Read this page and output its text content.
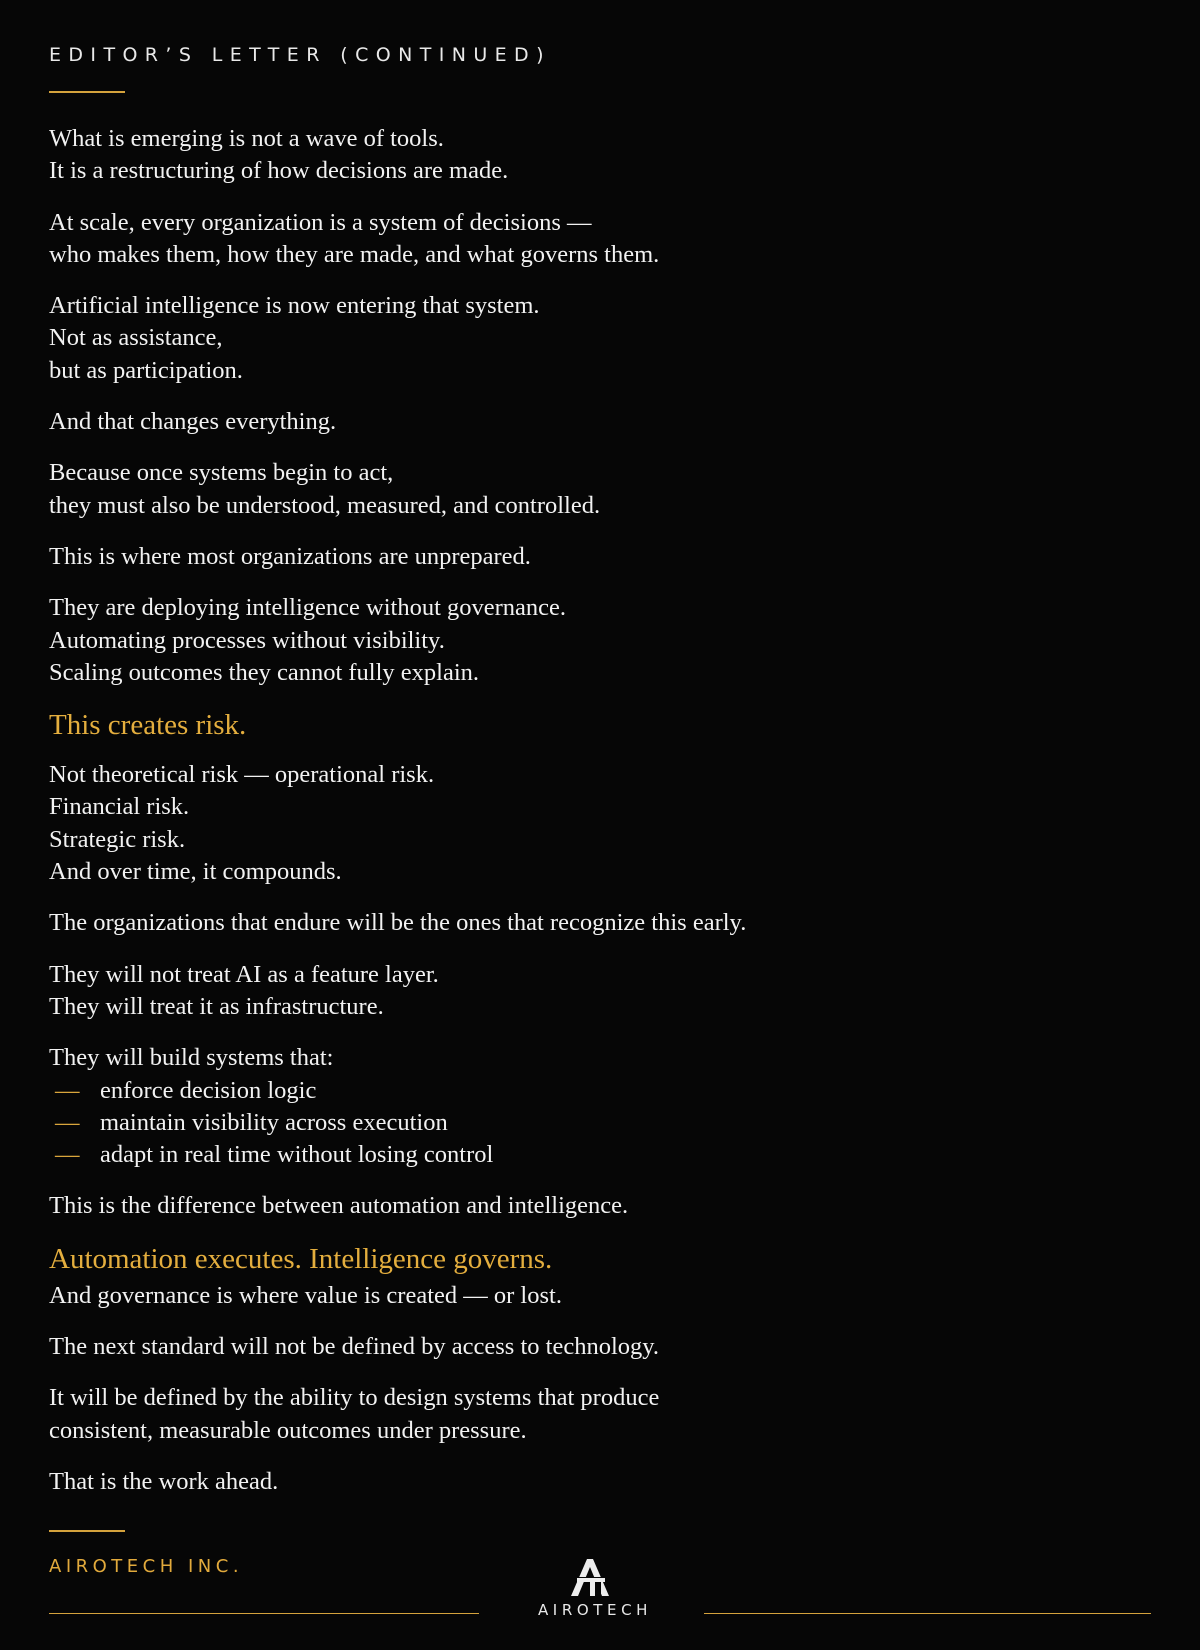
EDITOR’S LETTER (CONTINUED)
What is emerging is not a wave of tools.
It is a restructuring of how decisions are made.
At scale, every organization is a system of decisions —
who makes them, how they are made, and what governs them.
Artificial intelligence is now entering that system.
Not as assistance,
but as participation.
And that changes everything.
Because once systems begin to act,
they must also be understood, measured, and controlled.
This is where most organizations are unprepared.
They are deploying intelligence without governance.
Automating processes without visibility.
Scaling outcomes they cannot fully explain.
This creates risk.
Not theoretical risk — operational risk.
Financial risk.
Strategic risk.
And over time, it compounds.
The organizations that endure will be the ones that recognize this early.
They will not treat AI as a feature layer.
They will treat it as infrastructure.
They will build systems that:
— enforce decision logic
— maintain visibility across execution
— adapt in real time without losing control
This is the difference between automation and intelligence.
Automation executes. Intelligence governs.
And governance is where value is created — or lost.
The next standard will not be defined by access to technology.
It will be defined by the ability to design systems that produce
consistent, measurable outcomes under pressure.
That is the work ahead.
AIROTECH INC.
AIROTECH
